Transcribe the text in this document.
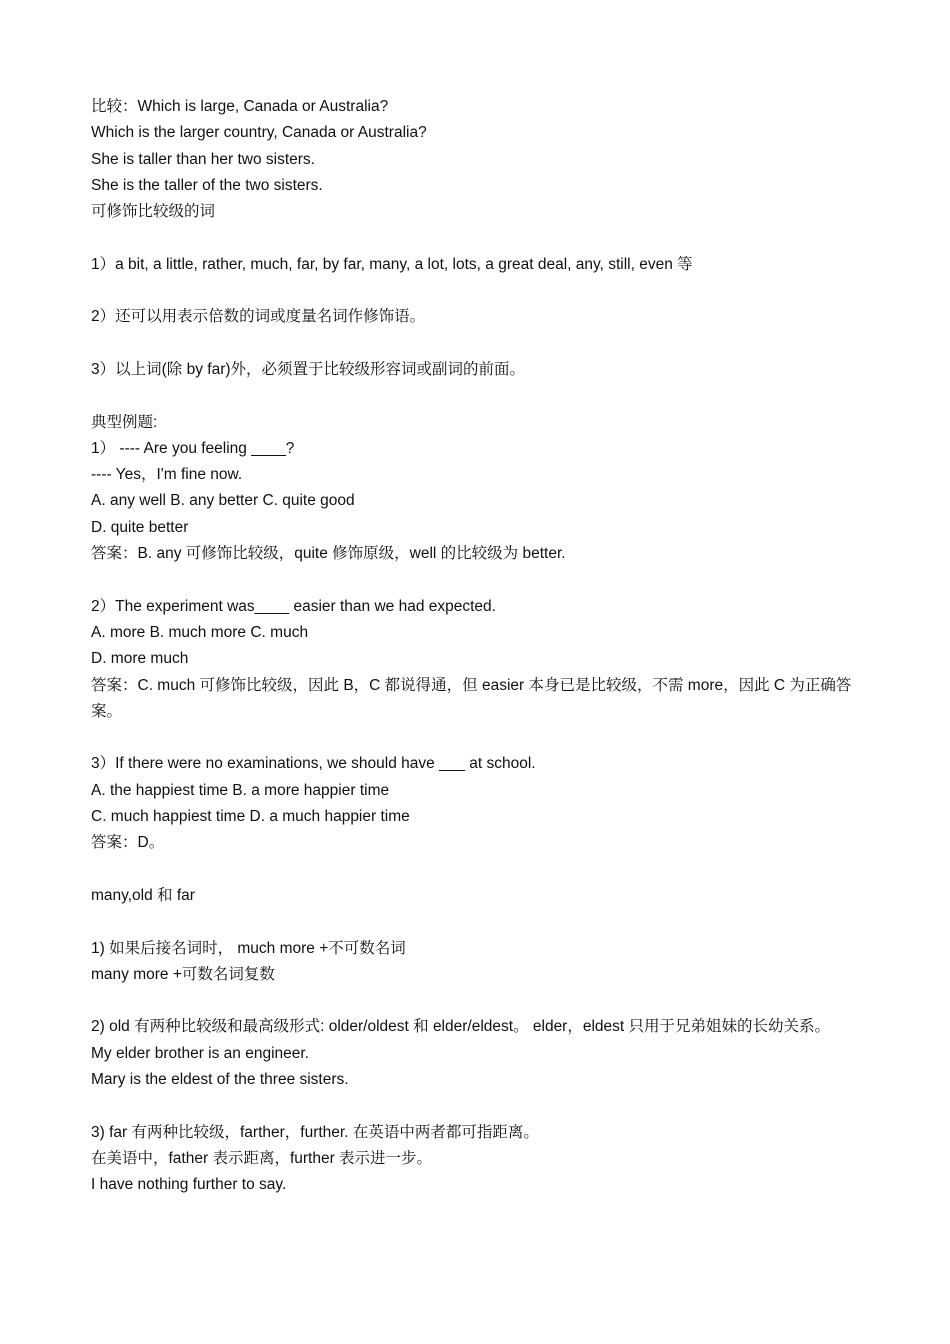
比较：Which is large, Canada or Australia?
Which is the larger country, Canada or Australia?
She is taller than her two sisters.
She is the taller of the two sisters.
可修饰比较级的词
1）a bit, a little, rather, much, far, by far, many, a lot, lots, a great deal, any, still, even 等
2）还可以用表示倍数的词或度量名词作修饰语。
3）以上词(除 by far)外，必须置于比较级形容词或副词的前面。
典型例题:
1） ---- Are you feeling ____?
---- Yes，I'm fine now.
A. any well B. any better C. quite good
D. quite better
答案：B. any 可修饰比较级，quite 修饰原级，well 的比较级为 better.
2）The experiment was____ easier than we had expected.
A. more B. much more C. much
D. more much
答案：C. much 可修饰比较级，因此 B，C 都说得通，但 easier 本身已是比较级，不需 more，因此 C 为正确答案。
3）If there were no examinations, we should have ___ at school.
A. the happiest time B. a more happier time
C. much happiest time D. a much happier time
答案：D。
many,old 和 far
1) 如果后接名词时， much more +不可数名词
many more +可数名词复数
2) old 有两种比较级和最高级形式: older/oldest 和 elder/eldest。 elder，eldest 只用于兄弟姐妹的长幼关系。
My elder brother is an engineer.
Mary is the eldest of the three sisters.
3) far 有两种比较级，farther，further. 在英语中两者都可指距离。
在美语中，father 表示距离，further 表示进一步。
I have nothing further to say.
